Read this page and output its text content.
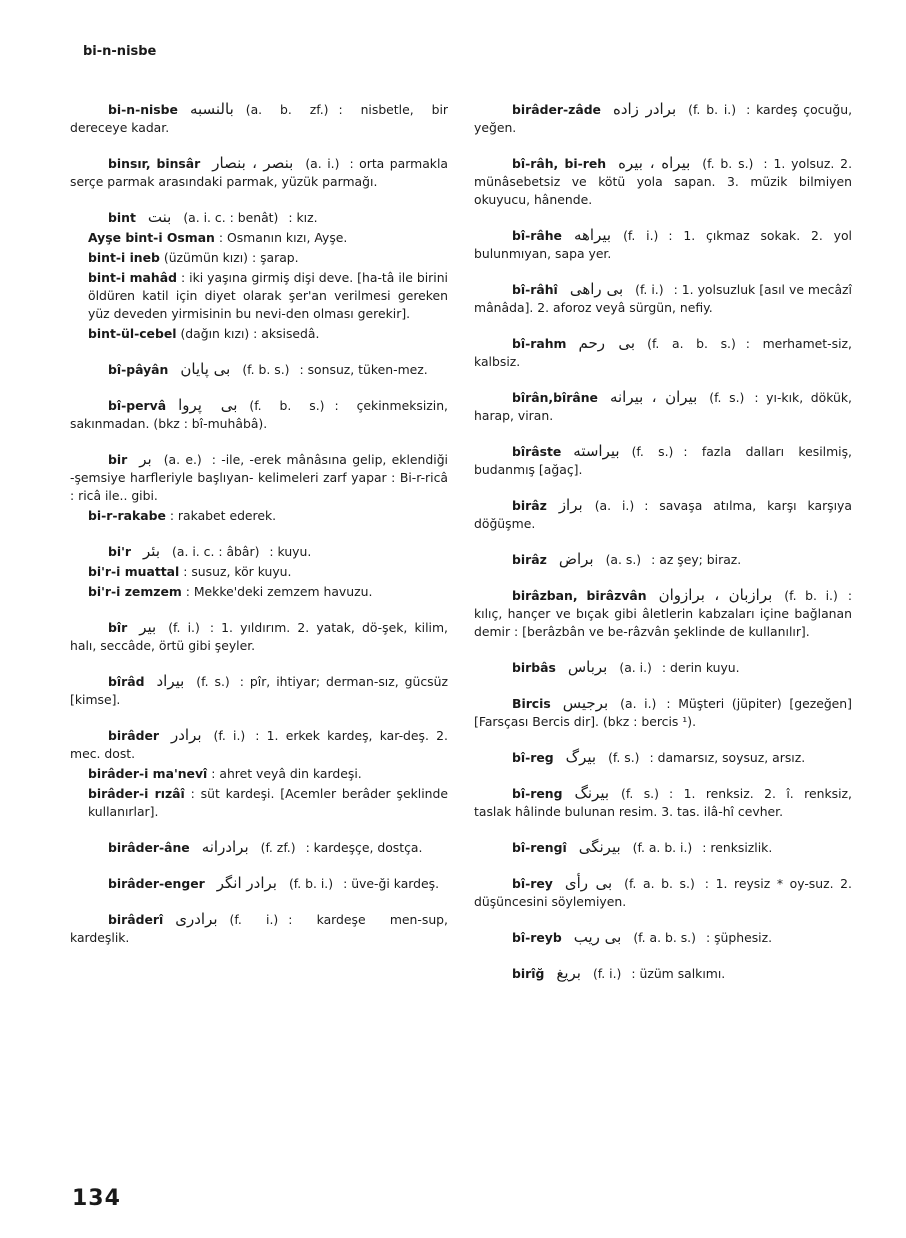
bi-n-nisbe
bi-n-nisbe بالنسبه (a. b. zf.) : nisbetle, bir dereceye kadar.
binsır, binsâr بنصر ، بنصار (a. i.) : orta parmakla serçe parmak arasındaki parmak, yüzük parmağı.
bint بنت (a. i. c. : benât) : kız.
Ayşe bint-i Osman : Osmanın kızı, Ayşe.
bint-i ineb (üzümün kızı) : şarap.
bint-i mahâd : iki yaşına girmiş dişi deve. [ha-tâ ile birini öldüren katil için diyet olarak şer'an verilmesi gereken yüz deveden yirmisinin bu nevi-den olması gerekir].
bint-ül-cebel (dağın kızı) : aksisedâ.
bî-pâyân بى پايان (f. b. s.) : sonsuz, tüken-mez.
bî-pervâ بى پروا (f. b. s.) : çekinmeksizin, sakınmadan. (bkz : bî-muhâbâ).
bir بر (a. e.) : -ile, -erek mânâsına gelip, eklendiği -şemsiye harfleriyle başlıyan- kelimeleri zarf yapar : Bi-r-ricâ : ricâ ile.. gibi.
bi-r-rakabe : rakabet ederek.
bi'r بئر (a. i. c. : âbâr) : kuyu.
bi'r-i muattal : susuz, kör kuyu.
bi'r-i zemzem : Mekke'deki zemzem havuzu.
bîr بير (f. i.) : 1. yıldırım. 2. yatak, dö-şek, kilim, halı, seccâde, örtü gibi şeyler.
bîrâd بيراد (f. s.) : pîr, ihtiyar; derman-sız, gücsüz [kimse].
birâder برادر (f. i.) : 1. erkek kardeş, kar-deş. 2. mec. dost.
birâder-i ma'nevî : ahret veyâ din kardeşi.
birâder-i rızâî : süt kardeşi. [Acemler berâder şeklinde kullanırlar].
birâder-âne برادرانه (f. zf.) : kardeşçe, dostça.
birâder-enger برادر انگر (f. b. i.) : üve-ği kardeş.
birâderî برادرى (f. i.) : kardeşe men-sup, kardeşlik.
birâder-zâde برادر زاده (f. b. i.) : kardeş çocuğu, yeğen.
bî-râh, bi-reh بيراه ، بيره (f. b. s.) : 1. yolsuz. 2. münâsebetsiz ve kötü yola sapan. 3. müzik bilmiyen okuyucu, hânende.
bî-râhe بيراهه (f. i.) : 1. çıkmaz sokak. 2. yol bulunmıyan, sapa yer.
bî-râhî بى راهى (f. i.) : 1. yolsuzluk [asıl ve mecâzî mânâda]. 2. aforoz veyâ sürgün, nefiy.
bî-rahm بى رحم (f. a. b. s.) : merhamet-siz, kalbsiz.
bîrân,bîrâne بيران ، بيرانه (f. s.) : yı-kık, dökük, harap, viran.
bîrâste بيراسته (f. s.) : fazla dalları kesilmiş, budanmış [ağaç].
birâz براز (a. i.) : savaşa atılma, karşı karşıya döğüşme.
birâz براض (a. s.) : az şey; biraz.
birâzban, birâzvân برازبان ، برازوان (f. b. i.) : kılıç, hançer ve bıçak gibi âletlerin kabzaları içine bağlanan demir : [berâzbân ve be-râzvân şeklinde de kullanılır].
birbâs برباس (a. i.) : derin kuyu.
Bircis برجيس (a. i.) : Müşteri (jüpiter) [gezeğen] [Farsçası Bercis dir]. (bkz : bercis ¹).
bî-reg بيرگ (f. s.) : damarsız, soysuz, arsız.
bî-reng بيرنگ (f. s.) : 1. renksiz. 2. î. renksiz, taslak hâlinde bulunan resim. 3. tas. ilâ-hî cevher.
bî-rengî بيرنگى (f. a. b. i.) : renksizlik.
bî-rey بى رأى (f. a. b. s.) : 1. reysiz * oy-suz. 2. düşüncesini söylemiyen.
bî-reyb بى ريب (f. a. b. s.) : şüphesiz.
birîğ بريغ (f. i.) : üzüm salkımı.
134
